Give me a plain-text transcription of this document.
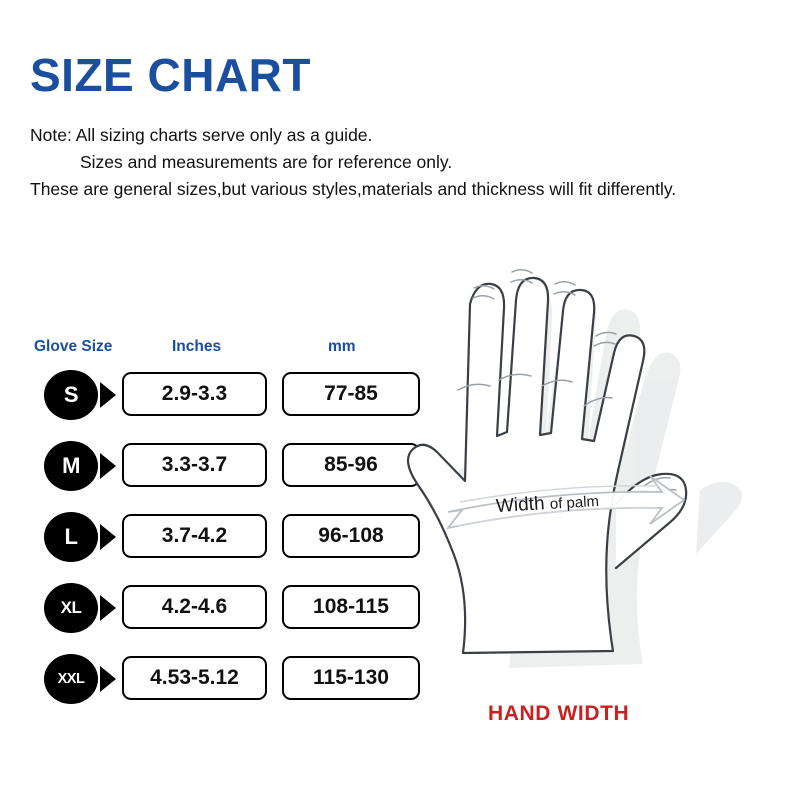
SIZE CHART
Note: All sizing charts serve only as a guide.
Sizes and measurements are for reference only.
These are general sizes,but various styles,materials and thickness will fit differently.
Glove Size	Inches	mm
S	2.9-3.3	77-85
M	3.3-3.7	85-96
L	3.7-4.2	96-108
XL	4.2-4.6	108-115
XXL	4.53-5.12	115-130
Width of palm
HAND WIDTH
